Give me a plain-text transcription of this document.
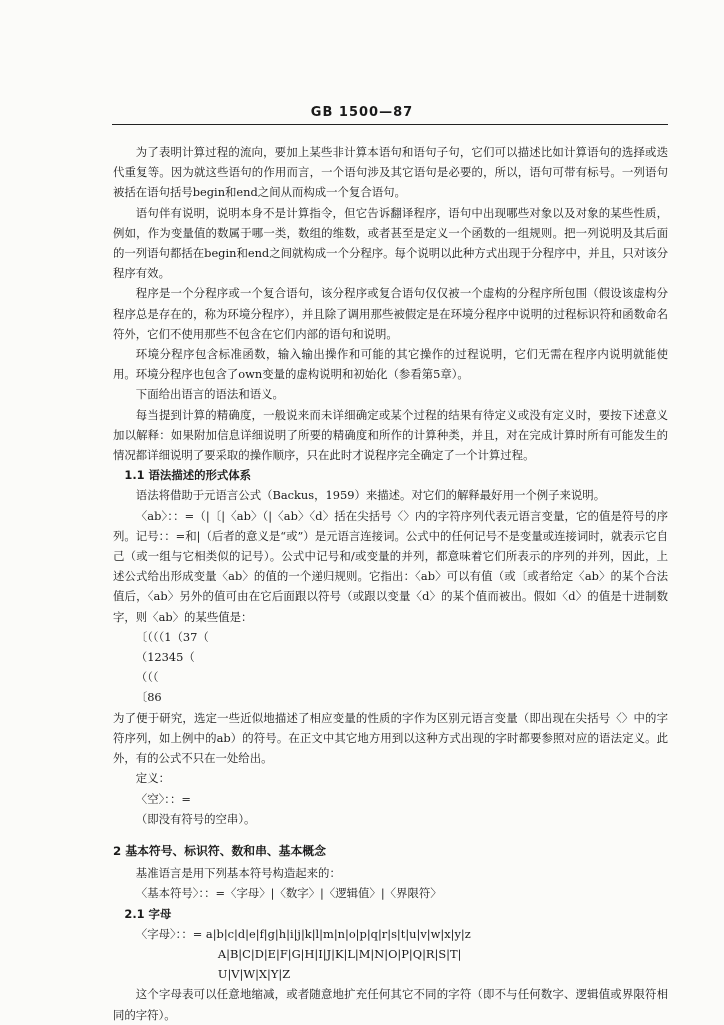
GB 1500—87

为了表明计算过程的流向，要加上某些非计算本语句和语句子句，它们可以描述比如计算语句的选择或迭代重复等。因为就这些语句的作用而言，一个语句涉及其它语句是必要的，所以，语句可带有标号。一列语句被括在语句括号begin和end之间从而构成一个复合语句。

语句伴有说明，说明本身不是计算指令，但它告诉翻译程序，语句中出现哪些对象以及对象的某些性质，例如，作为变量值的数属于哪一类，数组的维数，或者甚至是定义一个函数的一组规则。把一列说明及其后面的一列语句都括在begin和end之间就构成一个分程序。每个说明以此种方式出现于分程序中，并且，只对该分程序有效。

程序是一个分程序或一个复合语句，该分程序或复合语句仅仅被一个虚构的分程序所包围（假设该虚构分程序总是存在的，称为环境分程序），并且除了调用那些被假定是在环境分程序中说明的过程标识符和函数命名符外，它们不使用那些不包含在它们内部的语句和说明。

环境分程序包含标准函数，输入输出操作和可能的其它操作的过程说明，它们无需在程序内说明就能使用。环境分程序也包含了own变量的虚构说明和初始化（参看第5章）。

下面给出语言的语法和语义。

每当提到计算的精确度，一般说来而未详细确定或某个过程的结果有待定义或没有定义时，要按下述意义加以解释：如果附加信息详细说明了所要的精确度和所作的计算种类，并且，对在完成计算时所有可能发生的情况都详细说明了要采取的操作顺序，只在此时才说程序完全确定了一个计算过程。

1.1 语法描述的形式体系

语法将借助于元语言公式（Backus，1959）来描述。对它们的解释最好用一个例子来说明。

〈ab〉：：=（|〔|〈ab〉（|〈ab〉〈d〉括在尖括号〈〉内的字符序列代表元语言变量，它的值是符号的序列。记号：：=和|（后者的意义是“或”）是元语言连接词。公式中的任何记号不是变量或连接词时，就表示它自己（或一组与它相类似的记号）。公式中记号和/或变量的并列，都意味着它们所表示的序列的并列，因此，上述公式给出形成变量〈ab〉的值的一个递归规则。它指出：〈ab〉可以有值（或〔或者给定〈ab〉的某个合法值后，〈ab〉另外的值可由在它后面跟以符号（或跟以变量〈d〉的某个值而被出。假如〈d〉的值是十进制数字，则〈ab〉的某些值是：

〔（（（1（37（

（12345（

（（（

〔86

为了便于研究，选定一些近似地描述了相应变量的性质的字作为区别元语言变量（即出现在尖括号〈〉中的字符序列，如上例中的ab）的符号。在正文中其它地方用到以这种方式出现的字时都要参照对应的语法定义。此外，有的公式不只在一处给出。

定义：

〈空〉：：=

（即没有符号的空串）。

2 基本符号、标识符、数和串、基本概念

基准语言是用下列基本符号构造起来的：

〈基本符号〉：：=〈字母〉|〈数字〉|〈逻辑值〉|〈界限符〉

2.1 字母

〈字母〉：：= a|b|c|d|e|f|g|h|i|j|k|l|m|n|o|p|q|r|s|t|u|v|w|x|y|z

A|B|C|D|E|F|G|H|I|J|K|L|M|N|O|P|Q|R|S|T|

U|V|W|X|Y|Z

这个字母表可以任意地缩减，或者随意地扩充任何其它不同的字符（即不与任何数字、逻辑值或界限符相同的字符）。
